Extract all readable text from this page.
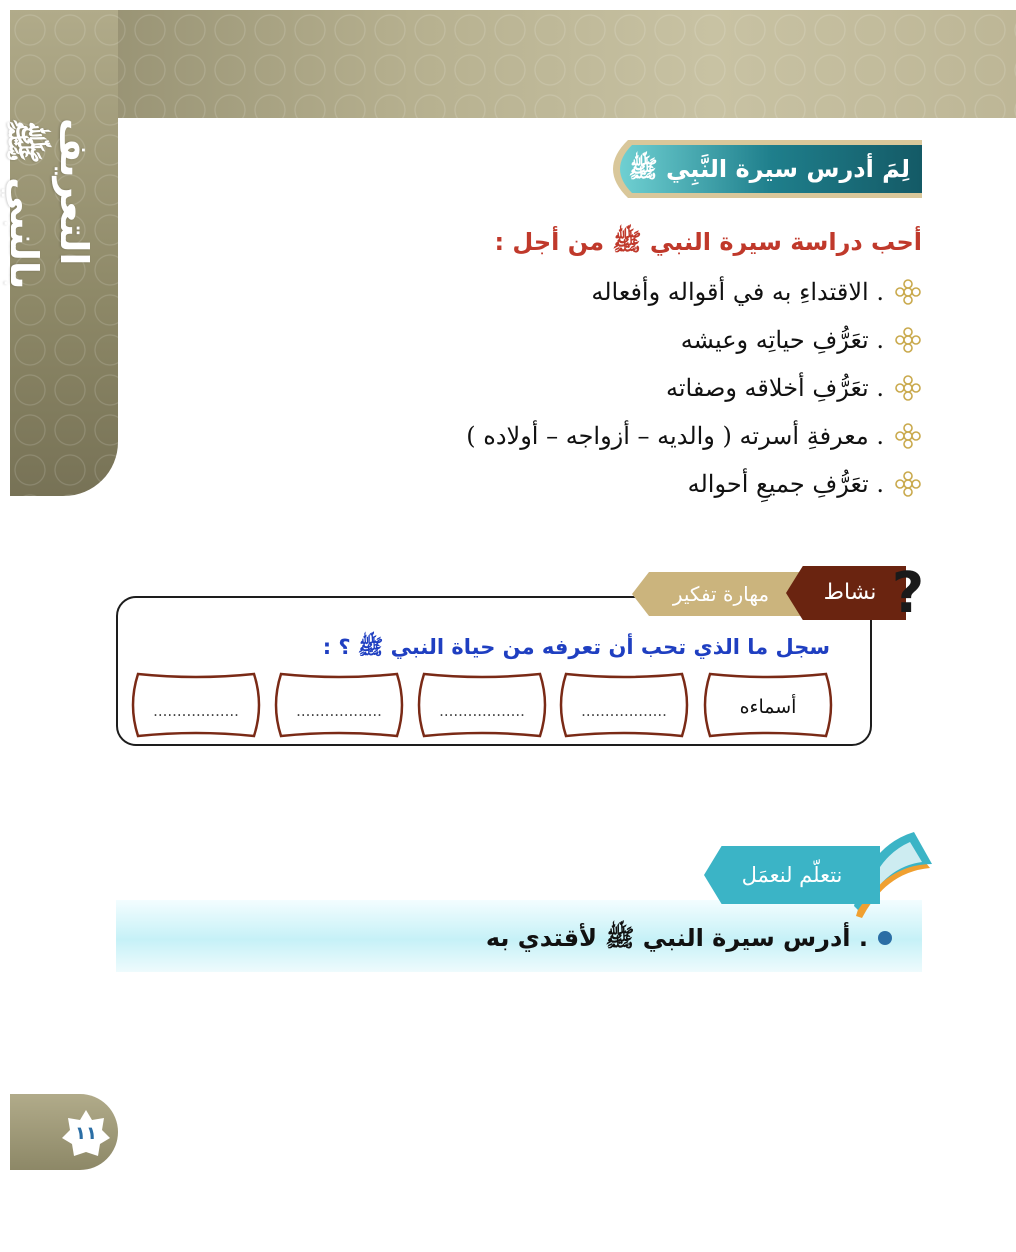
التعريف بالنبي ﷺ	لِمَ أدرس سيرة النَّبِي ﷺ ؟
أحب دراسة سيرة النبي ﷺ من أجل :
الاقتداءِ به في أقواله وأفعاله .
تعَرُّفِ حياتِه وعيشه .
تعَرُّفِ أخلاقه وصفاته .
معرفةِ أسرته ( والديه – أزواجه – أولاده ) .
تعَرُّفِ جميعِ أحواله .
مهارة تفكير	نشاط ?
سجل ما الذي تحب أن تعرفه من حياة النبي ﷺ ؟ :
أسماءه
..................
..................
..................
..................
نتعلّم لنعمَل
أدرس سيرة النبي ﷺ لأقتدي به .
١١
